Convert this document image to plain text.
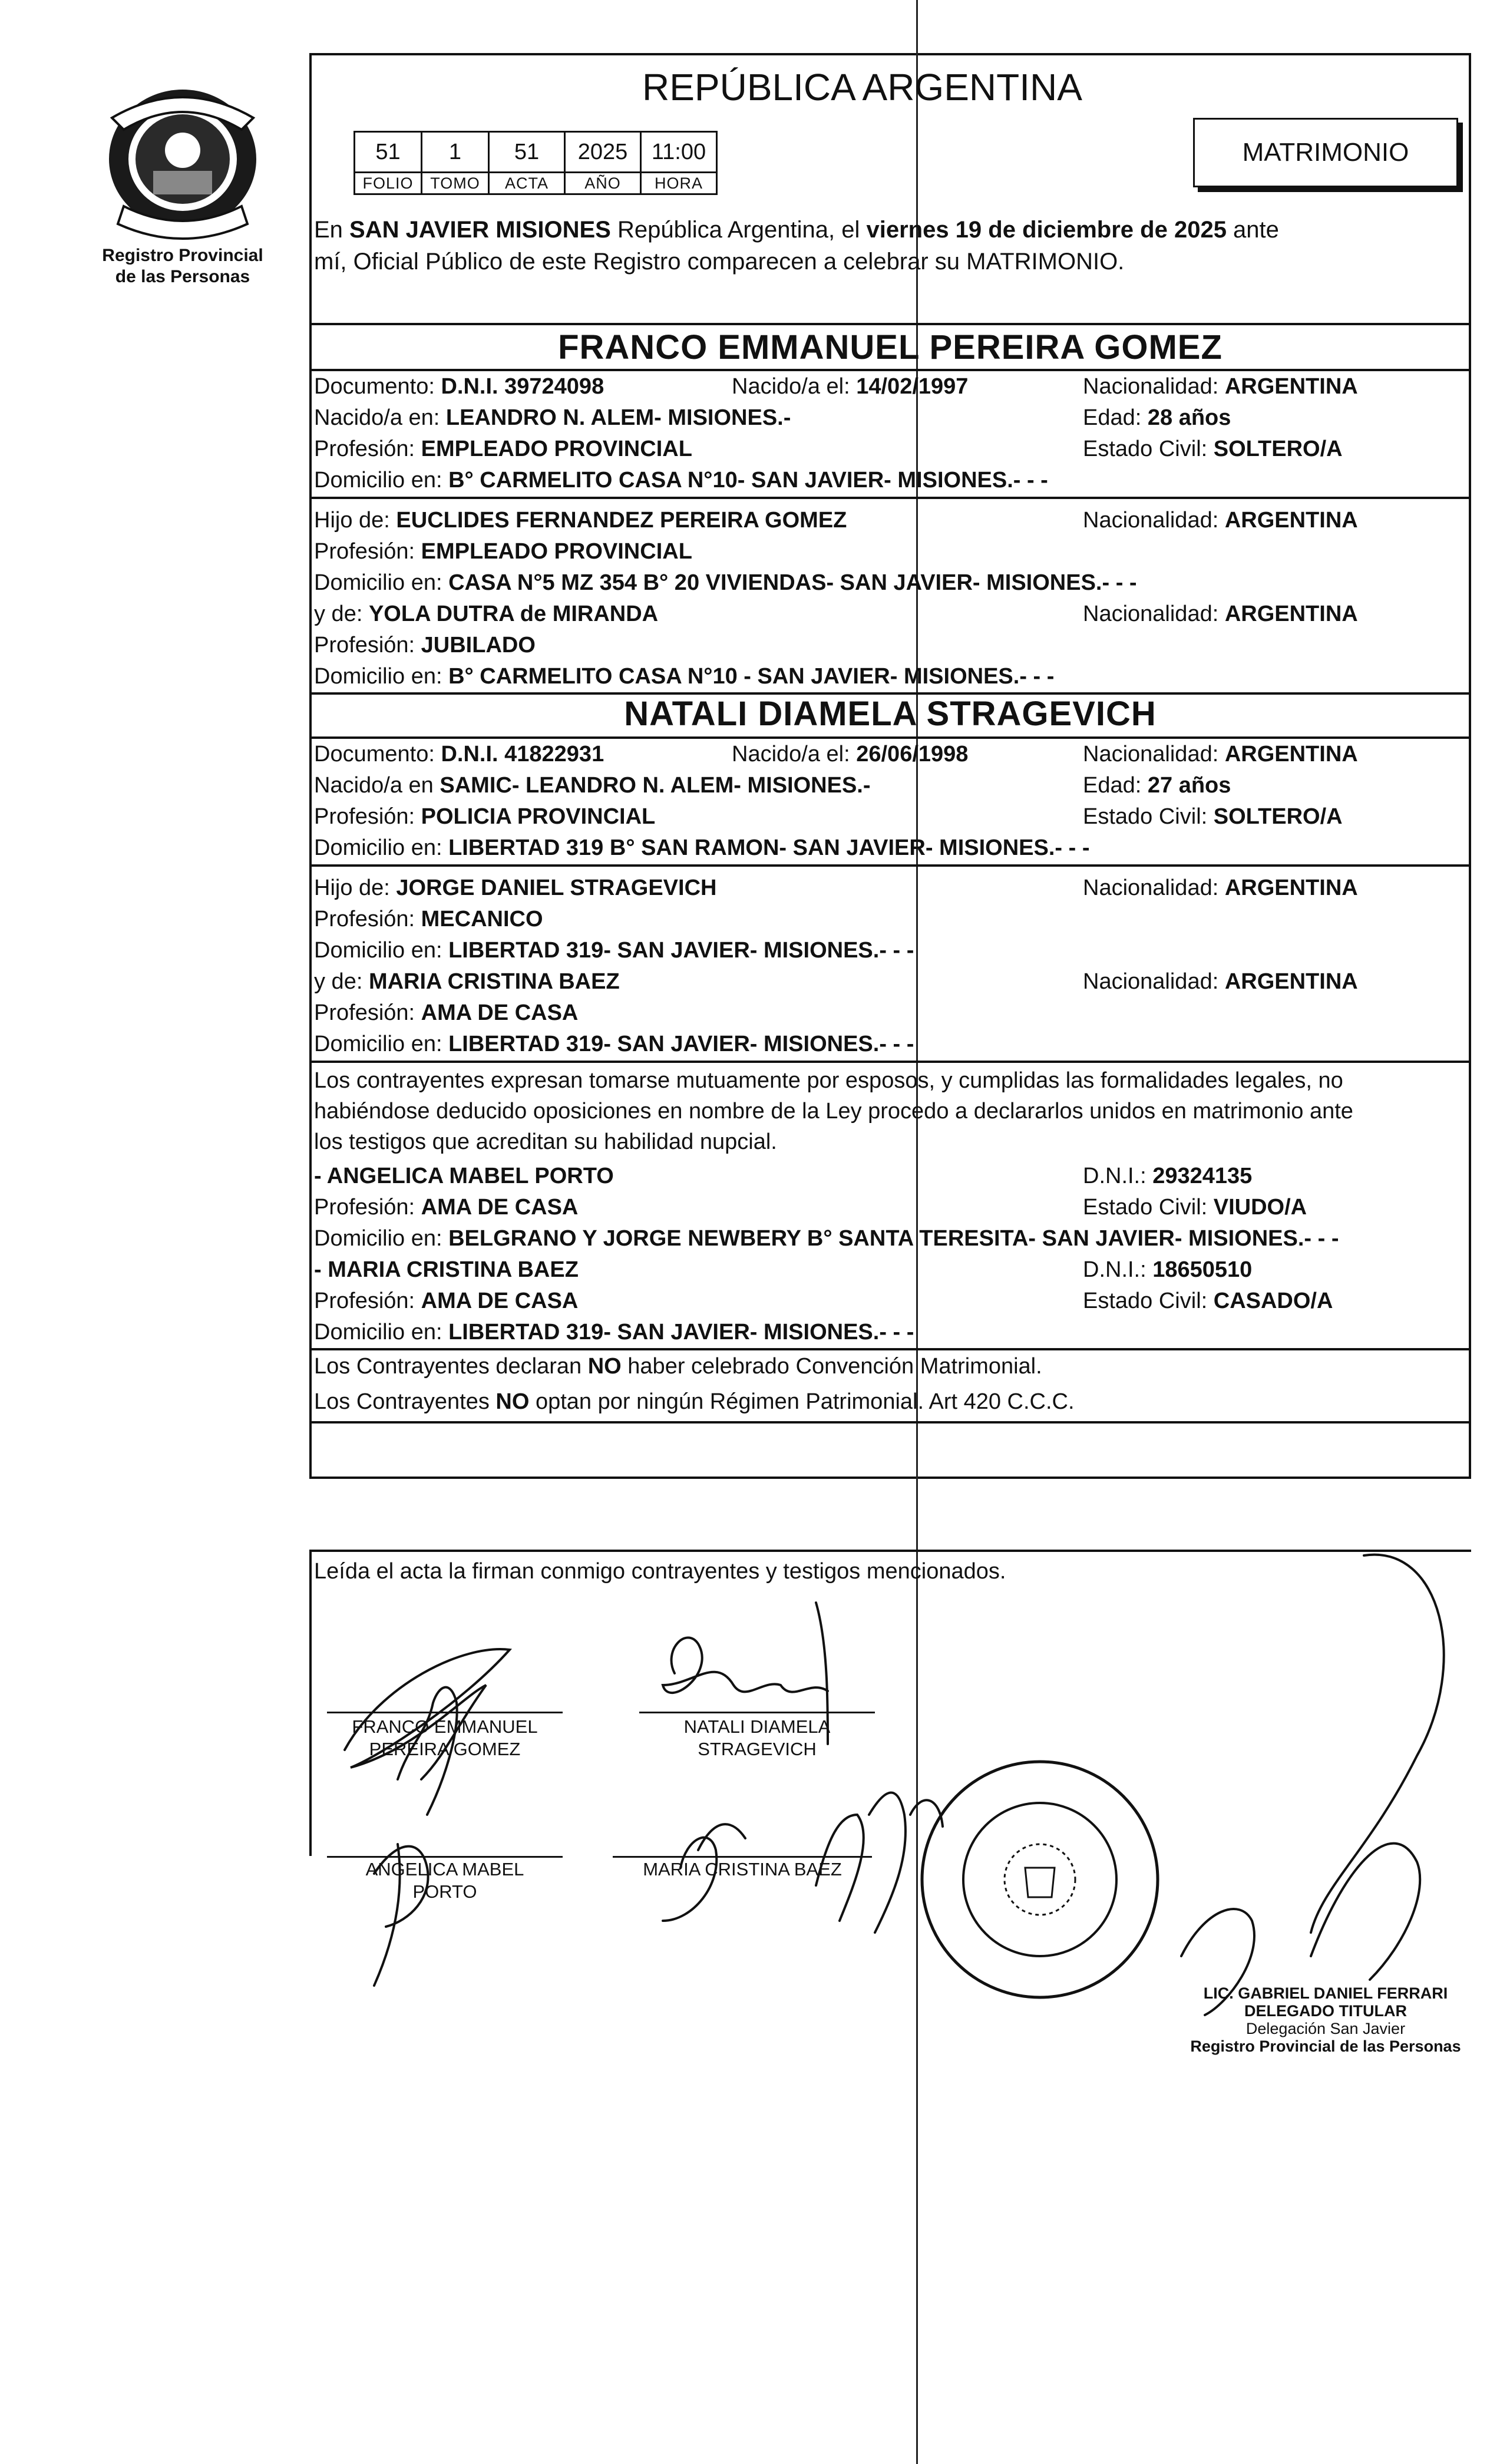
Registro Provincial
de las Personas
REPÚBLICA ARGENTINA
51	1	51	2025	11:00
FOLIO	TOMO	ACTA	AÑO	HORA
MATRIMONIO
En SAN JAVIER MISIONES República Argentina, el viernes 19 de diciembre de 2025 ante
mí, Oficial Público de este Registro comparecen a celebrar su MATRIMONIO.
FRANCO EMMANUEL PEREIRA GOMEZ
Documento: D.N.I. 39724098	Nacido/a el: 14/02/1997	Nacionalidad: ARGENTINA
Nacido/a en: LEANDRO N. ALEM- MISIONES.-	Edad: 28 años
Profesión: EMPLEADO PROVINCIAL	Estado Civil: SOLTERO/A
Domicilio en: B° CARMELITO CASA N°10- SAN JAVIER- MISIONES.- - -
Hijo de: EUCLIDES FERNANDEZ PEREIRA GOMEZ	Nacionalidad: ARGENTINA
Profesión: EMPLEADO PROVINCIAL
Domicilio en: CASA N°5 MZ 354 B° 20 VIVIENDAS- SAN JAVIER- MISIONES.- - -
y de: YOLA DUTRA de MIRANDA	Nacionalidad: ARGENTINA
Profesión: JUBILADO
Domicilio en: B° CARMELITO CASA N°10 - SAN JAVIER- MISIONES.- - -
NATALI DIAMELA STRAGEVICH
Documento: D.N.I. 41822931	Nacido/a el: 26/06/1998	Nacionalidad: ARGENTINA
Nacido/a en SAMIC- LEANDRO N. ALEM- MISIONES.-	Edad: 27 años
Profesión: POLICIA PROVINCIAL	Estado Civil: SOLTERO/A
Domicilio en: LIBERTAD 319 B° SAN RAMON- SAN JAVIER- MISIONES.- - -
Hijo de: JORGE DANIEL STRAGEVICH	Nacionalidad: ARGENTINA
Profesión: MECANICO
Domicilio en: LIBERTAD 319- SAN JAVIER- MISIONES.- - -
y de: MARIA CRISTINA BAEZ	Nacionalidad: ARGENTINA
Profesión: AMA DE CASA
Domicilio en: LIBERTAD 319- SAN JAVIER- MISIONES.- - -
Los contrayentes expresan tomarse mutuamente por esposos, y cumplidas las formalidades legales, no
habiéndose deducido oposiciones en nombre de la Ley procedo a declararlos unidos en matrimonio ante
los testigos que acreditan su habilidad nupcial.
- ANGELICA MABEL PORTO	D.N.I.: 29324135
Profesión: AMA DE CASA	Estado Civil: VIUDO/A
Domicilio en: BELGRANO Y JORGE NEWBERY B° SANTA TERESITA- SAN JAVIER- MISIONES.- - -
- MARIA CRISTINA BAEZ	D.N.I.: 18650510
Profesión: AMA DE CASA	Estado Civil: CASADO/A
Domicilio en: LIBERTAD 319- SAN JAVIER- MISIONES.- - -
Los Contrayentes declaran NO haber celebrado Convención Matrimonial.
Los Contrayentes NO optan por ningún Régimen Patrimonial. Art 420 C.C.C.
Leída el acta la firman conmigo contrayentes y testigos mencionados.
FRANCO EMMANUEL
PEREIRA GOMEZ
NATALI DIAMELA
STRAGEVICH
ANGELICA MABEL
PORTO
MARIA CRISTINA BAEZ
LIC. GABRIEL DANIEL FERRARI
DELEGADO TITULAR
Delegación San Javier
Registro Provincial de las Personas
